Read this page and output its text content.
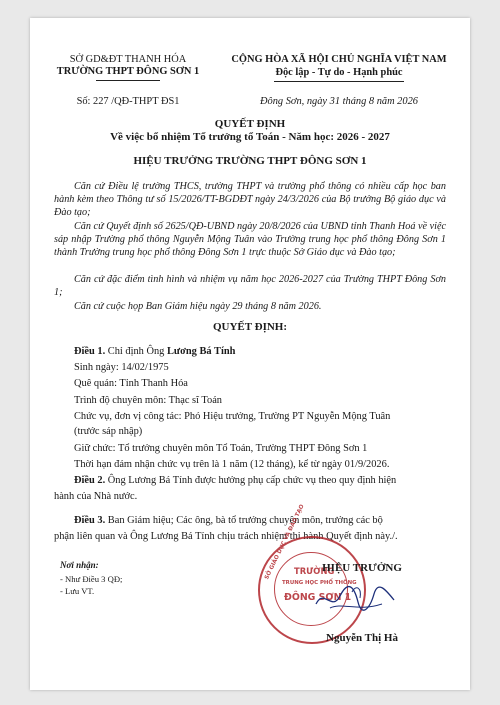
SỞ GD&ĐT THANH HÓA
TRƯỜNG THPT ĐÔNG SƠN 1
Số: 227 /QĐ-THPT ĐS1
CỘNG HÒA XÃ HỘI CHỦ NGHĨA VIỆT NAM
Độc lập - Tự do - Hạnh phúc
Đông Sơn, ngày 31 tháng 8 năm 2026
QUYẾT ĐỊNH
Về việc bổ nhiệm Tổ trưởng tổ Toán - Năm học: 2026 - 2027
HIỆU TRƯỞNG TRƯỜNG THPT ĐÔNG SƠN 1
Căn cứ Điều lệ trường THCS, trường THPT và trường phổ thông có nhiều cấp học ban hành kèm theo Thông tư số 15/2026/TT-BGDĐT ngày 24/3/2026 của Bộ trưởng Bộ giáo dục và Đào tạo;
Căn cứ Quyết định số 2625/QĐ-UBND ngày 20/8/2026 của UBND tỉnh Thanh Hoá về việc sáp nhập Trường phổ thông Nguyễn Mộng Tuân vào Trường trung học phổ thông Đông Sơn 1 thành Trường trung học phổ thông Đông Sơn 1 trực thuộc Sở Giáo dục và Đào tạo;
Căn cứ đặc điểm tình hình và nhiệm vụ năm học 2026-2027 của Trường THPT Đông Sơn 1;
Căn cứ cuộc họp Ban Giám hiệu ngày 29 tháng 8 năm 2026.
QUYẾT ĐỊNH:
Điều 1. Chỉ định Ông Lương Bá Tính
Sinh ngày: 14/02/1975
Quê quán: Tỉnh Thanh Hóa
Trình độ chuyên môn: Thạc sĩ Toán
Chức vụ, đơn vị công tác: Phó Hiệu trưởng, Trường PT Nguyễn Mộng Tuân
(trước sáp nhập)
Giữ chức: Tổ trưởng chuyên môn Tổ Toán, Trường THPT Đông Sơn 1
Thời hạn đảm nhận chức vụ trên là 1 năm (12 tháng), kể từ ngày 01/9/2026.
Điều 2. Ông Lương Bá Tính được hưởng phụ cấp chức vụ theo quy định hiện
hành của Nhà nước.
Điều 3. Ban Giám hiệu; Các ông, bà tổ trưởng chuyên môn, trưởng các bộ
phận liên quan và Ông Lương Bá Tính chịu trách nhiệm thi hành Quyết định này./.
Nơi nhận:
- Như Điều 3 QĐ;
- Lưu VT.
SỞ GIÁO DỤC VÀ ĐÀO TẠO
TRƯỜNG
TRUNG HỌC PHỔ THÔNG
ĐÔNG SƠN 1
HIỆU TRƯỞNG
Nguyễn Thị Hà
